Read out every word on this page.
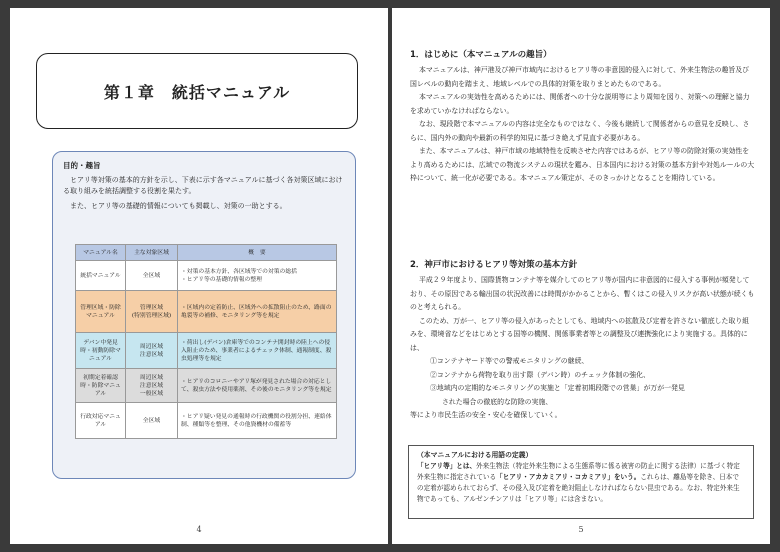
第１章　統括マニュアル
目的・趣旨

ヒアリ等対策の基本的方針を示し、下表に示す各マニュアルに基づく各対策区域における取り組みを統括調整する役割を果たす。

また、ヒアリ等の基礎的情報についても掲載し、対策の一助とする。

マニュアル名	主な対象区域	概　要
統括マニュアル	全区域	・対策の基本方針、各区域等での対策の総括
・ヒアリ等の基礎的情報の整理
管理区域・防除マニュアル	管理区域
(特別管理区域)	・区域内の定着防止、区域外への拡散阻止のため、路面の亀裂等の補修、モニタリング等を規定
デバン中発見時・初動防除マニュアル	周辺区域
注意区域	・荷出し(デバン)倉庫等でのコンテナ開封時の陸上への侵入阻止のため、事業者によるチェック体制、通報制度、殺虫処理等を規定
初期定着確認時・防除マニュアル	周辺区域
注意区域
一般区域	・ヒアリのコロニーやアリ塚が発見された場合の対応として、殺虫方法や使用薬剤、その後のモニタリング等を規定
行政対応マニュアル	全区域	・ヒアリ疑い発見の通報時の行政機関の役割分担、連絡体制、種類等を整理、その他資機材の備蓄等
4
1．はじめに（本マニュアルの趣旨）

本マニュアルは、神戸港及び神戸市域内におけるヒアリ等の非意図的侵入に対して、外来生物法の趣旨及び国レベルの動向を踏まえ、地域レベルでの具体的対策を取りまとめたものである。

本マニュアルの実効性を高めるためには、関係者への十分な説明等により周知を図り、対策への理解と協力を求めていかなければならない。

なお、現段階で本マニュアルの内容は完全なものではなく、今後も継続して関係者からの意見を反映し、さらに、国内外の動向や最新の科学的知見に基づき絶えず見直す必要がある。

また、本マニュアルは、神戸市域の地域特性を反映させた内容ではあるが、ヒアリ等の防除対策の実効性をより高めるためには、広域での物流システムの現状を鑑み、日本国内における対策の基本方針や対処ルールの大枠について、統一化が必要である。本マニュアル策定が、そのきっかけとなることを期待している。

2．神戸市におけるヒアリ等対策の基本方針

平成２９年度より、国際貨物コンテナ等を媒介してのヒアリ等が国内に非意図的に侵入する事例が頻発しており、その原因である輸出国の状況改善には時間がかかることから、暫くはこの侵入リスクが高い状態が続くものと考えられる。

このため、万が一、ヒアリ等の侵入があったとしても、地域内への拡散及び定着を許さない徹底した取り組みを、環境省などをはじめとする国等の機関、関係事業者等との調整及び連携強化により実施する。具体的には、

①コンテナヤード等での警戒モニタリングの継続、

②コンテナから荷物を取り出す際（デバン時）のチェック体制の強化、

③地域内の定期的なモニタリングの実施と「定着初期段階での営巣」が万が一発見

された場合の徹底的な防除の実施、

等により市民生活の安全・安心を確保していく。

（本マニュアルにおける用語の定義）
「ヒアリ等」とは、外来生物法（特定外来生物による生態系等に係る被害の防止に関する法律）に基づく特定外来生物に指定されている「ヒアリ・アカカミアリ・コカミアリ」をいう。これらは、離島等を除き、日本での定着が認められておらず、その侵入及び定着を絶対阻止しなければならない昆虫である。なお、特定外来生物であっても、アルゼンチンアリは「ヒアリ等」には含まない。
5
